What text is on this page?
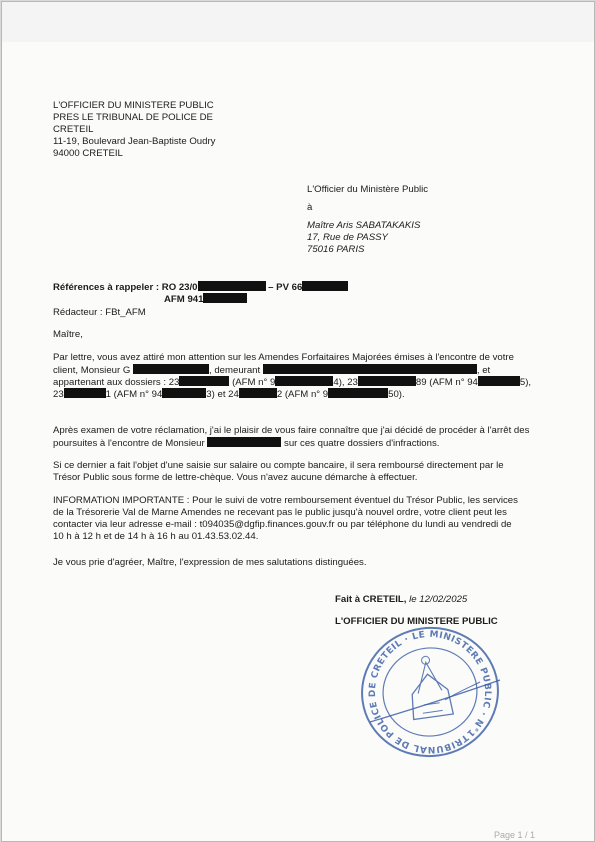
L'OFFICIER DU MINISTERE PUBLIC
PRES LE TRIBUNAL DE POLICE DE
CRETEIL
11-19, Boulevard Jean-Baptiste Oudry
94000 CRETEIL
L'Officier du Ministère Public
à
Maître Aris SABATAKAKIS
17, Rue de PASSY
75016 PARIS
Références à rappeler : RO 23/0	– PV 66
AFM 941
Rédacteur : FBt_AFM
Maître,
Par lettre, vous avez attiré mon attention sur les Amendes Forfaitaires Majorées émises à l'encontre de votre
client, Monsieur G	, demeurant	, et
appartenant aux dossiers : 23	(AFM n° 9	4), 23	89 (AFM n° 94	5),
23	1 (AFM n° 94	3) et 24	2 (AFM n° 9	50).
Après examen de votre réclamation, j'ai le plaisir de vous faire connaître que j'ai décidé de procéder à l'arrêt des
poursuites à l'encontre de Monsieur	sur ces quatre dossiers d'infractions.
Si ce dernier a fait l'objet d'une saisie sur salaire ou compte bancaire, il sera remboursé directement par le
Trésor Public sous forme de lettre-chèque. Vous n'avez aucune démarche à effectuer.
INFORMATION IMPORTANTE : Pour le suivi de votre remboursement éventuel du Trésor Public, les services
de la Trésorerie Val de Marne Amendes ne recevant pas le public jusqu'à nouvel ordre, votre client peut les
contacter via leur adresse e-mail : t094035@dgfip.finances.gouv.fr ou par téléphone du lundi au vendredi de
10 h à 12 h et de 14 h à 16 h au 01.43.53.02.44.
Je vous prie d'agréer, Maître, l'expression de mes salutations distinguées.
Fait à CRETEIL, le 12/02/2025
L'OFFICIER DU MINISTERE PUBLIC
TRIBUNAL DE POLICE DE CRETEIL · LE MINISTERE PUBLIC · N°16
Page 1 / 1
